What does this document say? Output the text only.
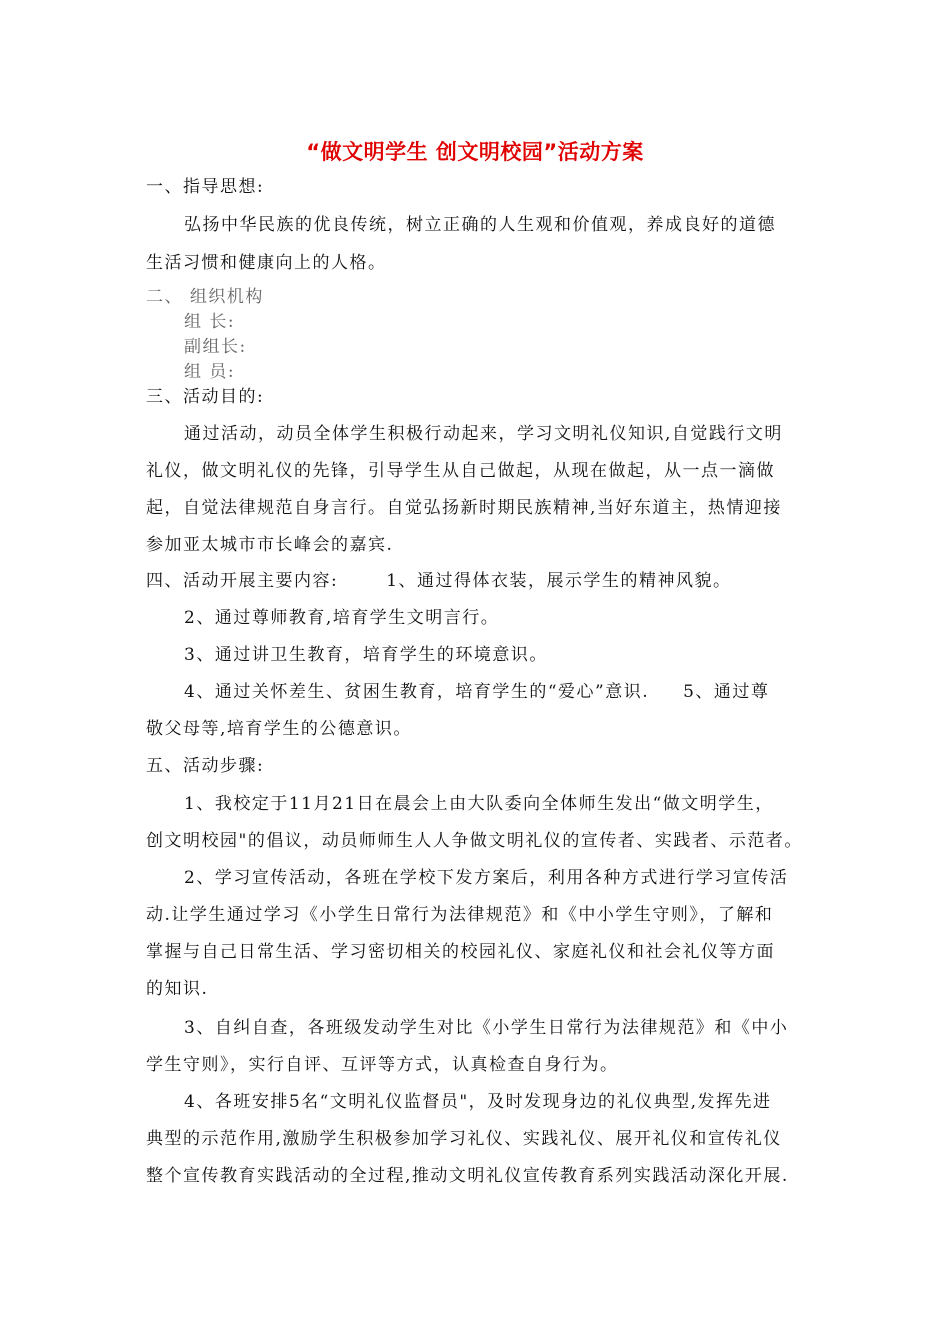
“做文明学生 创文明校园”活动方案
一、指导思想:
弘扬中华民族的优良传统，树立正确的人生观和价值观，养成良好的道德
生活习惯和健康向上的人格。
二、 组织机构
组 长:
副组长:
组 员:
三、活动目的:
通过活动，动员全体学生积极行动起来，学习文明礼仪知识,自觉践行文明
礼仪，做文明礼仪的先锋，引导学生从自己做起，从现在做起，从一点一滴做
起，自觉法律规范自身言行。自觉弘扬新时期民族精神,当好东道主，热情迎接
参加亚太城市市长峰会的嘉宾.
四、活动开展主要内容:	1、通过得体衣装，展示学生的精神风貌。
2、通过尊师教育,培育学生文明言行。
3、通过讲卫生教育，培育学生的环境意识。
4、通过关怀差生、贫困生教育，培育学生的“爱心”意识. 5、通过尊
敬父母等,培育学生的公德意识。
五、活动步骤:
1、我校定于11月21日在晨会上由大队委向全体师生发出“做文明学生，
创文明校园"的倡议，动员师师生人人争做文明礼仪的宣传者、实践者、示范者。
2、学习宣传活动，各班在学校下发方案后，利用各种方式进行学习宣传活
动.让学生通过学习《小学生日常行为法律规范》和《中小学生守则》，了解和
掌握与自己日常生活、学习密切相关的校园礼仪、家庭礼仪和社会礼仪等方面
的知识.
3、自纠自查，各班级发动学生对比《小学生日常行为法律规范》和《中小
学生守则》，实行自评、互评等方式，认真检查自身行为。
4、各班安排5名“文明礼仪监督员"，及时发现身边的礼仪典型,发挥先进
典型的示范作用,激励学生积极参加学习礼仪、实践礼仪、展开礼仪和宣传礼仪
整个宣传教育实践活动的全过程,推动文明礼仪宣传教育系列实践活动深化开展.
